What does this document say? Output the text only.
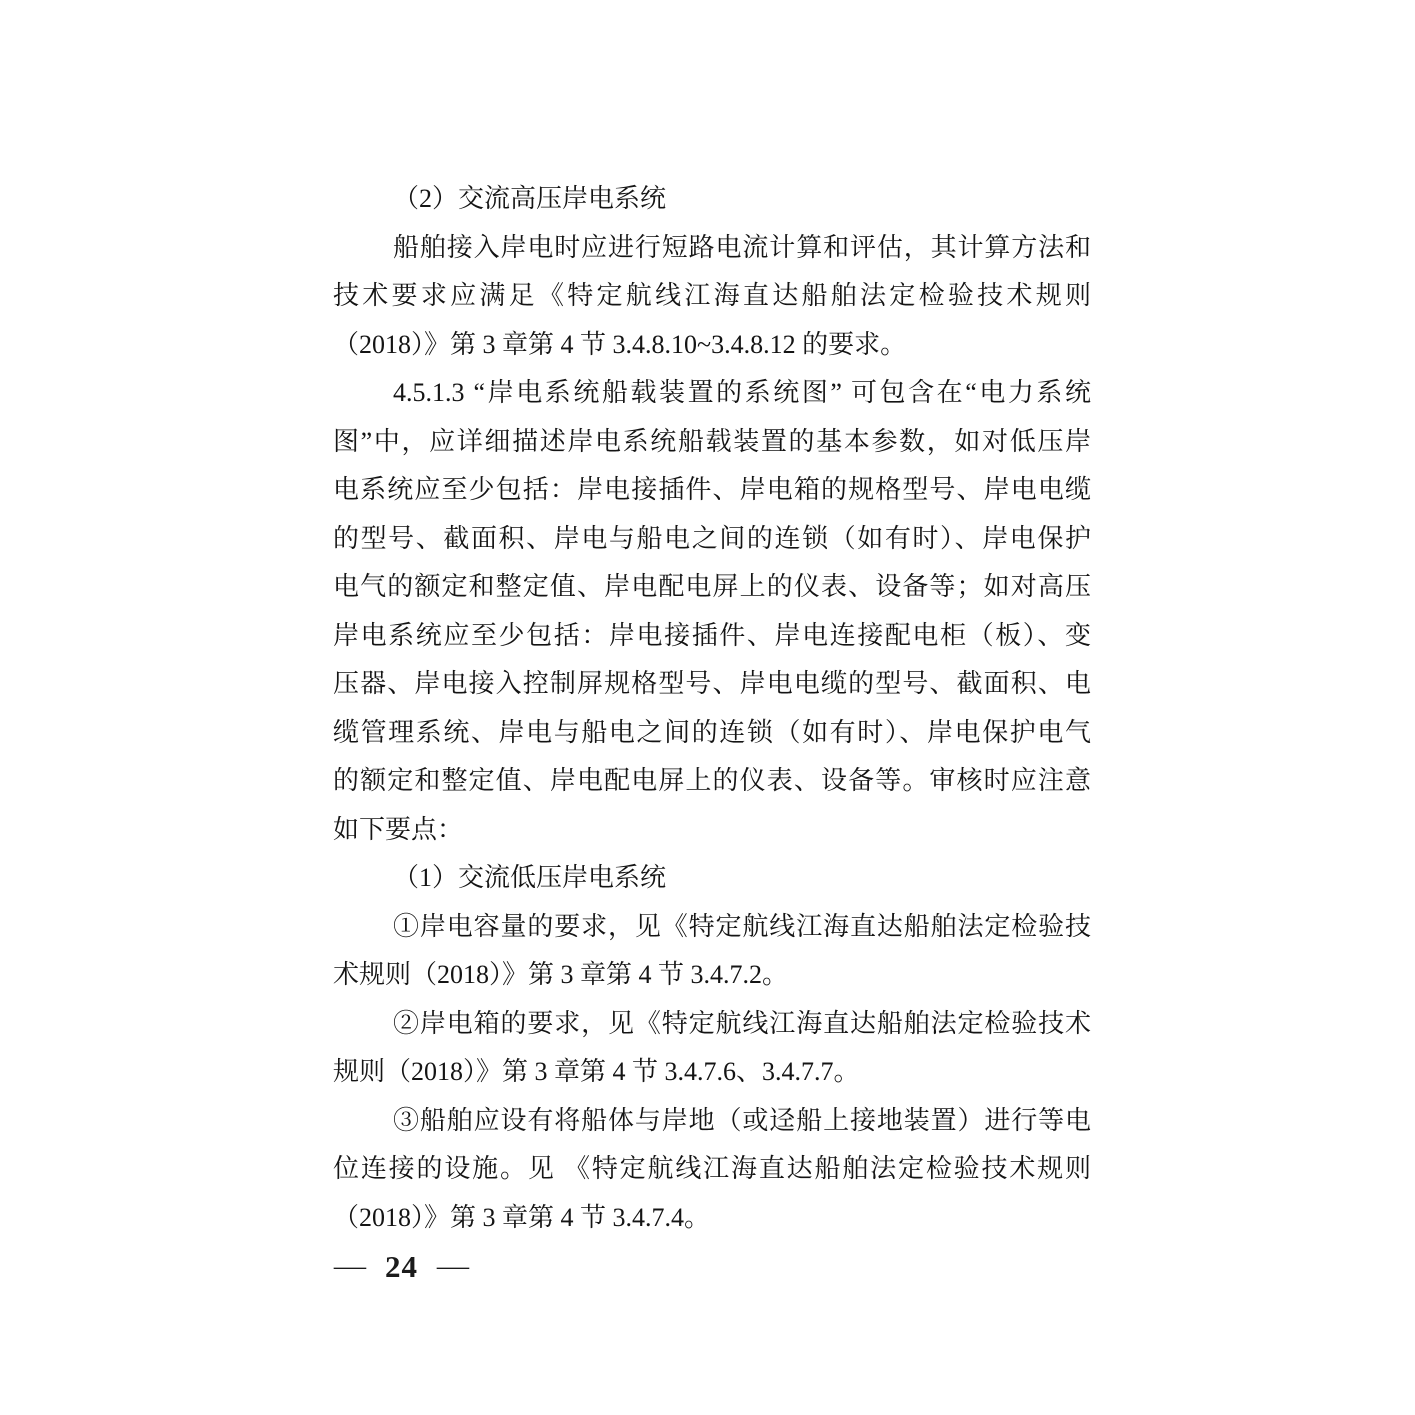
（2）交流高压岸电系统
船舶接入岸电时应进行短路电流计算和评估，其计算方法和
技术要求应满足《特定航线江海直达船舶法定检验技术规则
（2018）》第 3 章第 4 节 3.4.8.10~3.4.8.12 的要求。
4.5.1.3 “岸电系统船载装置的系统图” 可包含在“电力系统
图”中，应详细描述岸电系统船载装置的基本参数，如对低压岸
电系统应至少包括：岸电接插件、岸电箱的规格型号、岸电电缆
的型号、截面积、岸电与船电之间的连锁（如有时）、岸电保护
电气的额定和整定值、岸电配电屏上的仪表、设备等；如对高压
岸电系统应至少包括：岸电接插件、岸电连接配电柜（板）、变
压器、岸电接入控制屏规格型号、岸电电缆的型号、截面积、电
缆管理系统、岸电与船电之间的连锁（如有时）、岸电保护电气
的额定和整定值、岸电配电屏上的仪表、设备等。审核时应注意
如下要点：
（1）交流低压岸电系统
①岸电容量的要求，见《特定航线江海直达船舶法定检验技
术规则（2018）》第 3 章第 4 节 3.4.7.2。
②岸电箱的要求，见《特定航线江海直达船舶法定检验技术
规则（2018）》第 3 章第 4 节 3.4.7.6、3.4.7.7。
③船舶应设有将船体与岸地（或迳船上接地装置）进行等电
位连接的设施。见 《特定航线江海直达船舶法定检验技术规则
（2018）》第 3 章第 4 节 3.4.7.4。
— 24 —
